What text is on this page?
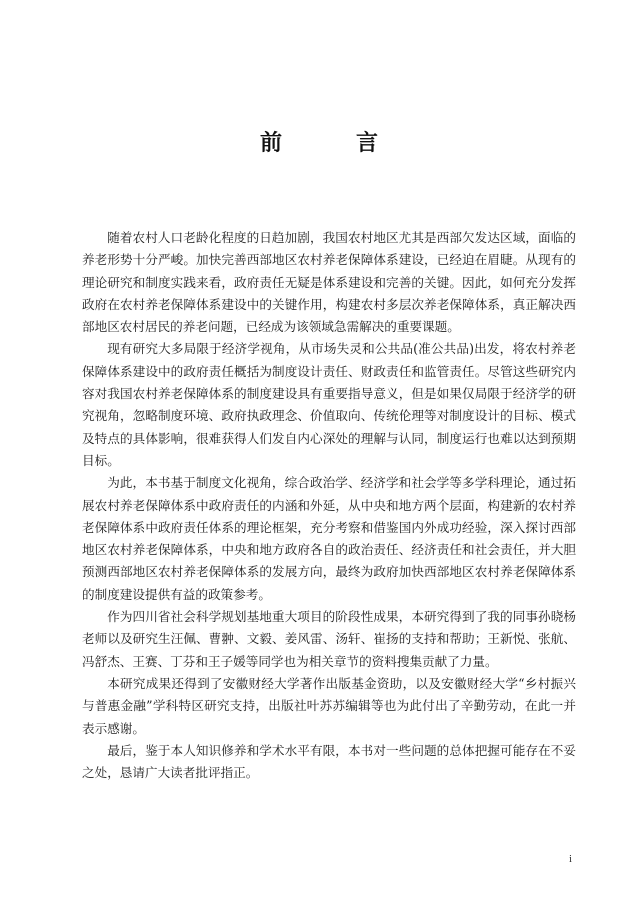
前　言

随着农村人口老龄化程度的日趋加剧，我国农村地区尤其是西部欠发达区域，面临的养老形势十分严峻。加快完善西部地区农村养老保障体系建设，已经迫在眉睫。从现有的理论研究和制度实践来看，政府责任无疑是体系建设和完善的关键。因此，如何充分发挥政府在农村养老保障体系建设中的关键作用，构建农村多层次养老保障体系，真正解决西部地区农村居民的养老问题，已经成为该领域急需解决的重要课题。

现有研究大多局限于经济学视角，从市场失灵和公共品(准公共品)出发，将农村养老保障体系建设中的政府责任概括为制度设计责任、财政责任和监管责任。尽管这些研究内容对我国农村养老保障体系的制度建设具有重要指导意义，但是如果仅局限于经济学的研究视角，忽略制度环境、政府执政理念、价值取向、传统伦理等对制度设计的目标、模式及特点的具体影响，很难获得人们发自内心深处的理解与认同，制度运行也难以达到预期目标。

为此，本书基于制度文化视角，综合政治学、经济学和社会学等多学科理论，通过拓展农村养老保障体系中政府责任的内涵和外延，从中央和地方两个层面，构建新的农村养老保障体系中政府责任体系的理论框架，充分考察和借鉴国内外成功经验，深入探讨西部地区农村养老保障体系，中央和地方政府各自的政治责任、经济责任和社会责任，并大胆预测西部地区农村养老保障体系的发展方向，最终为政府加快西部地区农村养老保障体系的制度建设提供有益的政策参考。

作为四川省社会科学规划基地重大项目的阶段性成果，本研究得到了我的同事孙晓杨老师以及研究生汪佩、曹翀、文毅、姜风雷、汤轩、崔扬的支持和帮助；王新悦、张航、冯舒杰、王赛、丁芬和王子媛等同学也为相关章节的资料搜集贡献了力量。

本研究成果还得到了安徽财经大学著作出版基金资助，以及安徽财经大学“乡村振兴与普惠金融”学科特区研究支持，出版社叶苏苏编辑等也为此付出了辛勤劳动，在此一并表示感谢。

最后，鉴于本人知识修养和学术水平有限，本书对一些问题的总体把握可能存在不妥之处，恳请广大读者批评指正。

i
